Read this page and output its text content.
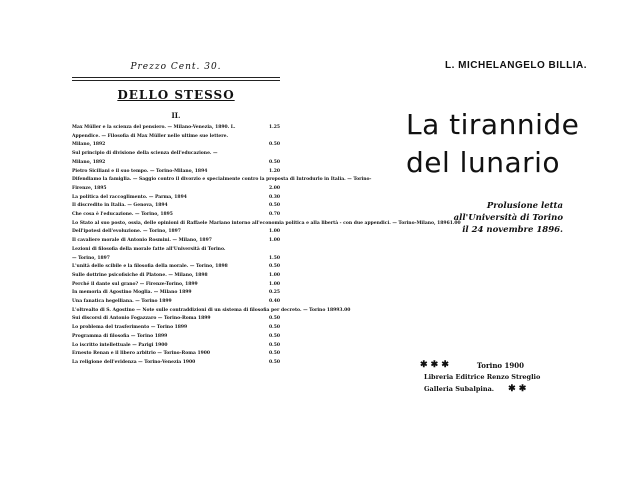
Prezzo Cent. 30.
DELLO STESSO
II.
Max Müller e la scienza del pensiero. — Milano-Venezia, 1890. L.	1.25
Appendice. — Filosofia di Max Müller nelle ultime sue lettere.
Milano, 1892	0.50
Sul principio di divisione della scienza dell'educazione. —
Milano, 1892	0.50
Pietro Siciliani e il suo tempo. — Torino-Milano, 1894	1.20
Difendiamo la famiglia. — Saggio contro il divorzio e specialmente contro la proposta di Introdurlo in Italia. — Torino-
Firenze, 1895	2.00
La politica del raccoglimento. — Parma, 1894	0.30
Il discredito in Italia. — Genova, 1894	0.50
Che cosa è l'educazione. — Torino, 1895	0.70
Lo Stato al suo posto, ossia, delle opinioni di Raffaele Mariano intorno all'economia politica e alla libertà - con due appendici. — Torino-Milano, 1896 1.00
Dell'ipotesi dell'evoluzione. — Torino, 1897	1.00
Il cavaliere morale di Antonio Rosmini. — Milano, 1897	1.00
Lezioni di filosofia della morale fatte all'Università di Torino.
— Torino, 1897	1.50
L'unità dello scibile e la filosofia della morale. — Torino, 1898	0.50
Sulle dottrine psicofisiche di Platone. — Milano, 1898	1.00
Perché il dante sul grano? — Firenze-Torino, 1899	1.00
In memoria di Agostino Moglia. — Milano 1899	0.25
Una fanatica hegelliana. — Torino 1899	0.40
L'oltrealto di S. Agostino — Note sulle contraddizioni di un sistema di filosofia per decreto. — Torino 1899 3.00
Sui discorsi di Antonio Fogazzaro — Torino-Roma 1899	0.50
Lo problema del trasferimento — Torino 1899	0.50
Programma di filosofia — Torino 1899	0.50
Lo iscritto intellettuale — Parigi 1900	0.50
Ernesto Renan e il libero arbitrio — Torino-Roma 1900	0.50
La religione dell'evidenza — Torino-Venezia 1900	0.50
L. MICHELANGELO BILLIA.
La tirannide
del lunario
Prolusione letta
all'Università di Torino
il 24 novembre 1896.
✱ ✱ ✱	Torino 1900
Libreria Editrice Renzo Streglio
Galleria Subalpina. ✱ ✱
